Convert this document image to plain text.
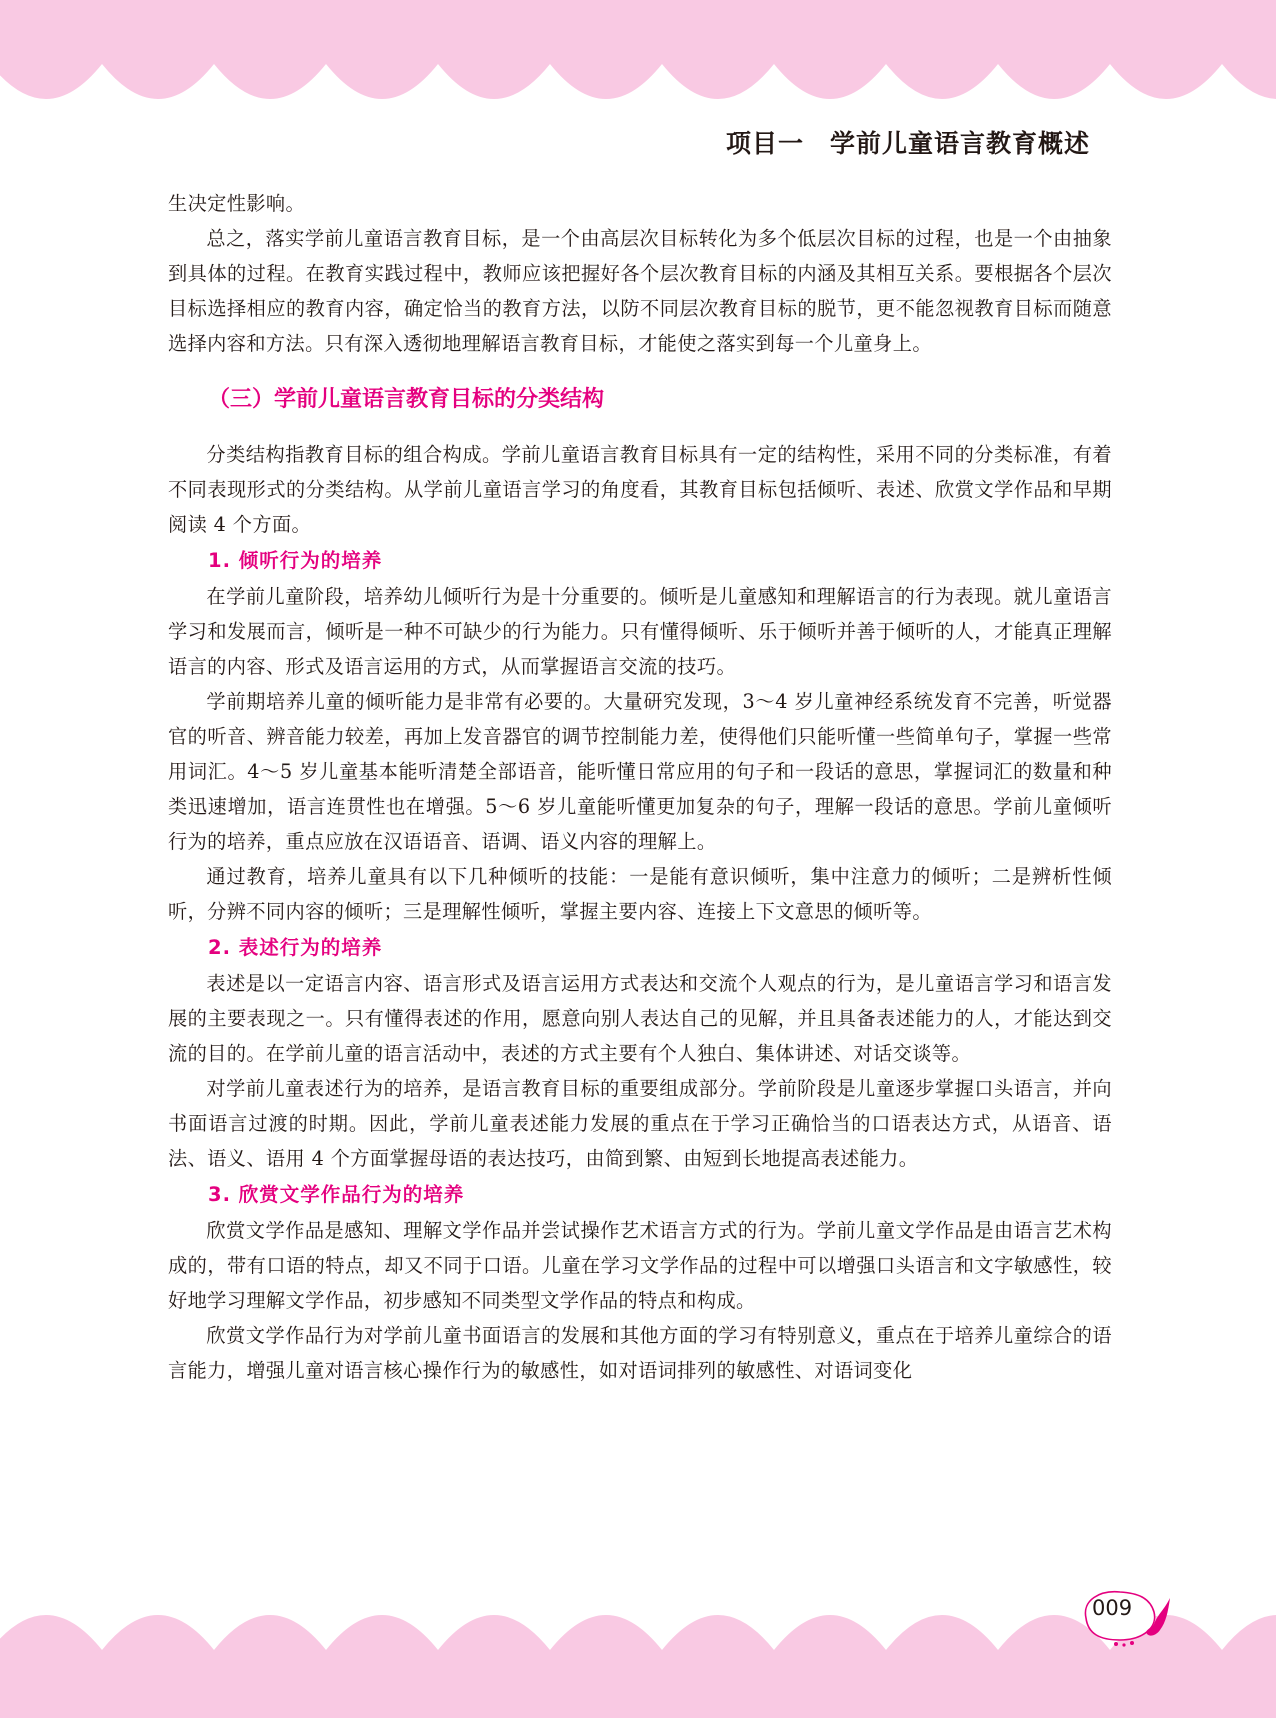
项目一　学前儿童语言教育概述

生决定性影响。

总之，落实学前儿童语言教育目标，是一个由高层次目标转化为多个低层次目标的过程，也是一个由抽象到具体的过程。在教育实践过程中，教师应该把握好各个层次教育目标的内涵及其相互关系。要根据各个层次目标选择相应的教育内容，确定恰当的教育方法，以防不同层次教育目标的脱节，更不能忽视教育目标而随意选择内容和方法。只有深入透彻地理解语言教育目标，才能使之落实到每一个儿童身上。

（三）学前儿童语言教育目标的分类结构

分类结构指教育目标的组合构成。学前儿童语言教育目标具有一定的结构性，采用不同的分类标准，有着不同表现形式的分类结构。从学前儿童语言学习的角度看，其教育目标包括倾听、表述、欣赏文学作品和早期阅读 4 个方面。

1. 倾听行为的培养

在学前儿童阶段，培养幼儿倾听行为是十分重要的。倾听是儿童感知和理解语言的行为表现。就儿童语言学习和发展而言，倾听是一种不可缺少的行为能力。只有懂得倾听、乐于倾听并善于倾听的人，才能真正理解语言的内容、形式及语言运用的方式，从而掌握语言交流的技巧。

学前期培养儿童的倾听能力是非常有必要的。大量研究发现，3～4 岁儿童神经系统发育不完善，听觉器官的听音、辨音能力较差，再加上发音器官的调节控制能力差，使得他们只能听懂一些简单句子，掌握一些常用词汇。4～5 岁儿童基本能听清楚全部语音，能听懂日常应用的句子和一段话的意思，掌握词汇的数量和种类迅速增加，语言连贯性也在增强。5～6 岁儿童能听懂更加复杂的句子，理解一段话的意思。学前儿童倾听行为的培养，重点应放在汉语语音、语调、语义内容的理解上。

通过教育，培养儿童具有以下几种倾听的技能：一是能有意识倾听，集中注意力的倾听；二是辨析性倾听，分辨不同内容的倾听；三是理解性倾听，掌握主要内容、连接上下文意思的倾听等。

2. 表述行为的培养

表述是以一定语言内容、语言形式及语言运用方式表达和交流个人观点的行为，是儿童语言学习和语言发展的主要表现之一。只有懂得表述的作用，愿意向别人表达自己的见解，并且具备表述能力的人，才能达到交流的目的。在学前儿童的语言活动中，表述的方式主要有个人独白、集体讲述、对话交谈等。

对学前儿童表述行为的培养，是语言教育目标的重要组成部分。学前阶段是儿童逐步掌握口头语言，并向书面语言过渡的时期。因此，学前儿童表述能力发展的重点在于学习正确恰当的口语表达方式，从语音、语法、语义、语用 4 个方面掌握母语的表达技巧，由简到繁、由短到长地提高表述能力。

3. 欣赏文学作品行为的培养

欣赏文学作品是感知、理解文学作品并尝试操作艺术语言方式的行为。学前儿童文学作品是由语言艺术构成的，带有口语的特点，却又不同于口语。儿童在学习文学作品的过程中可以增强口头语言和文字敏感性，较好地学习理解文学作品，初步感知不同类型文学作品的特点和构成。

欣赏文学作品行为对学前儿童书面语言的发展和其他方面的学习有特别意义，重点在于培养儿童综合的语言能力，增强儿童对语言核心操作行为的敏感性，如对语词排列的敏感性、对语词变化

009
